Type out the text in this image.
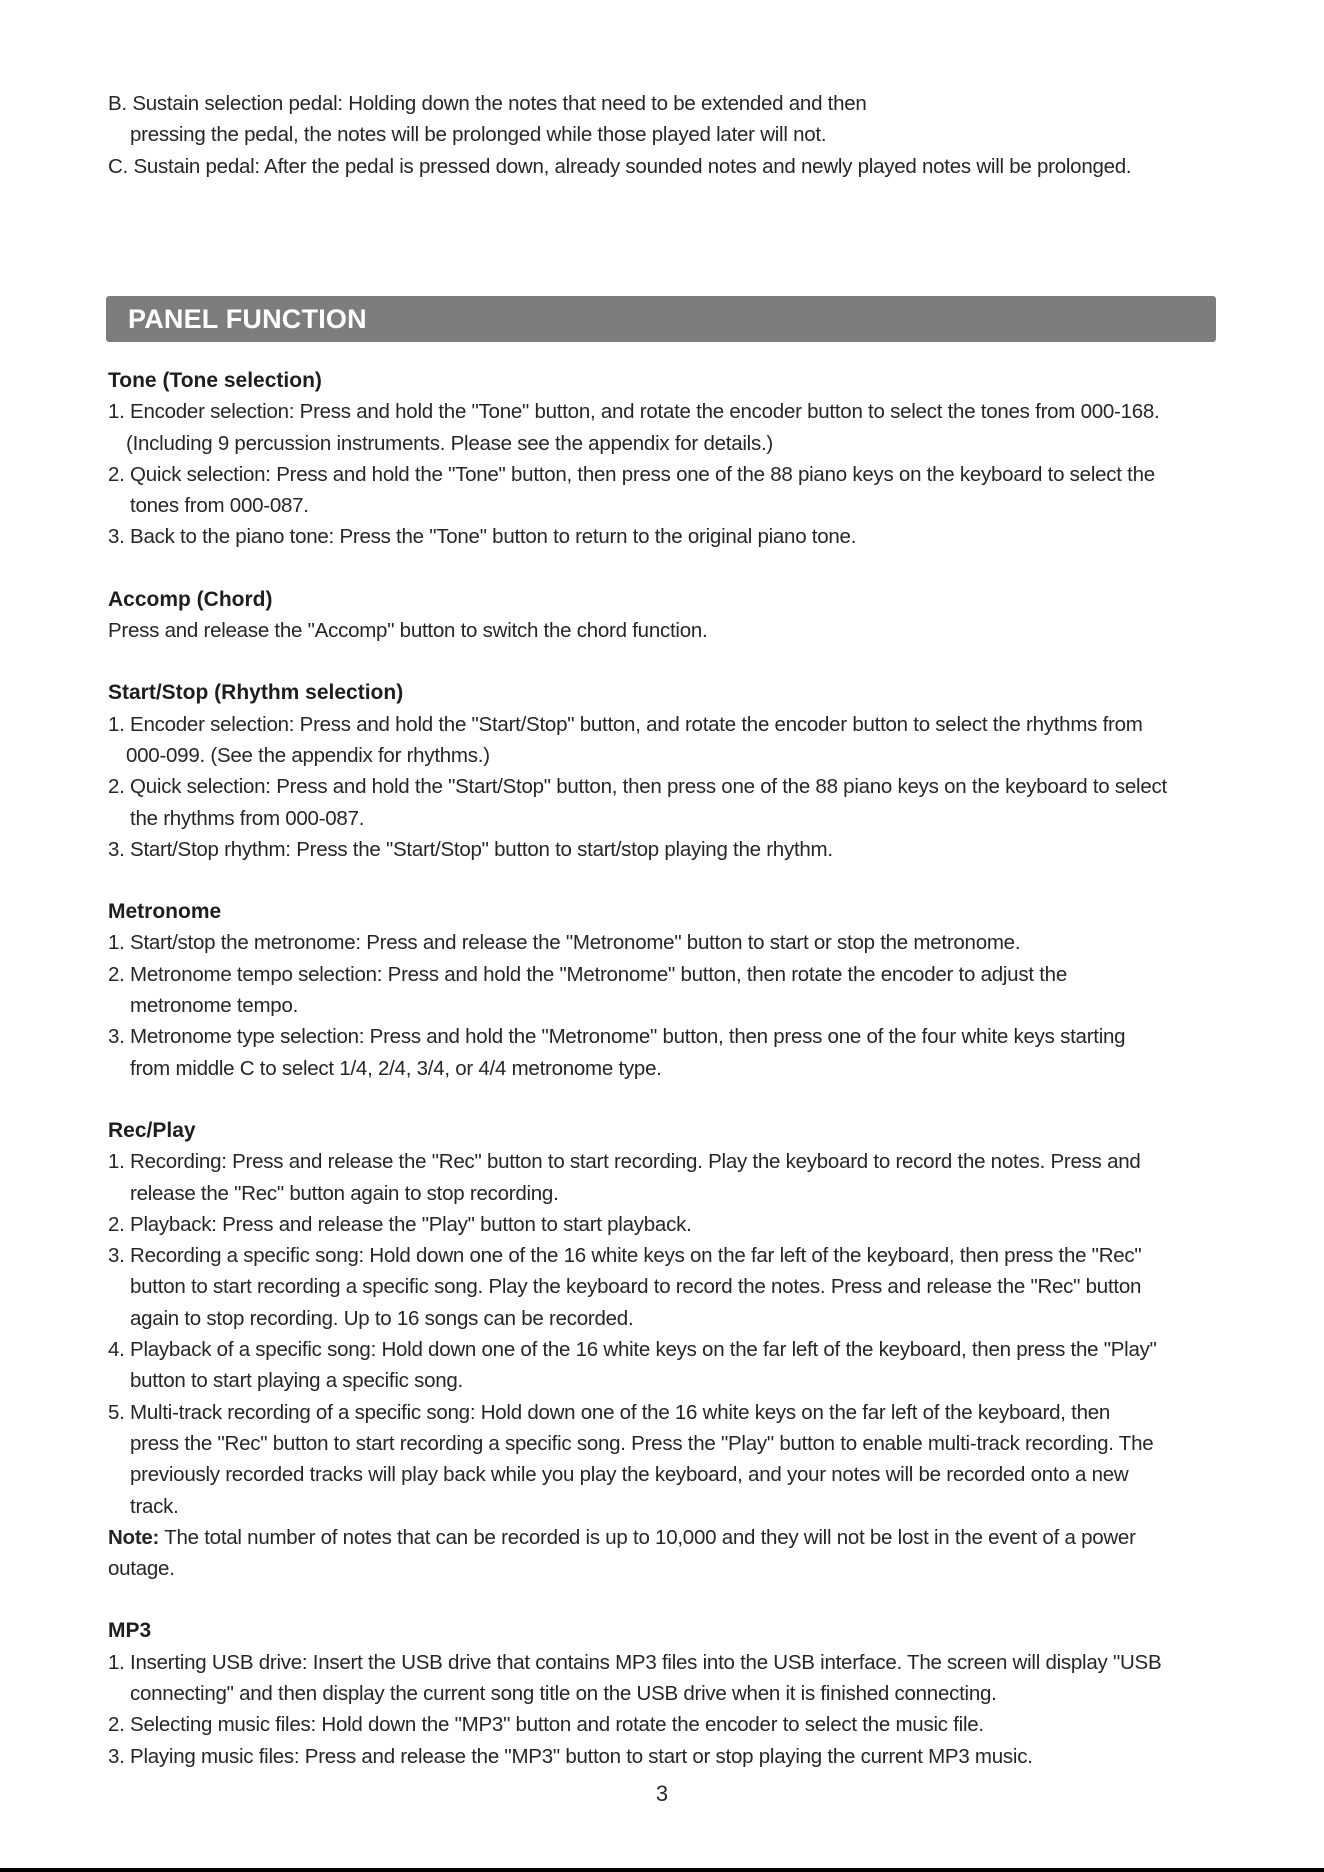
B. Sustain selection pedal: Holding down the notes that need to be extended and then
pressing the pedal, the notes will be prolonged while those played later will not.
C. Sustain pedal: After the pedal is pressed down, already sounded notes and newly played notes will be prolonged.
PANEL FUNCTION
Tone (Tone selection)
1. Encoder selection: Press and hold the "Tone" button, and rotate the encoder button to select the tones from 000-168.
(Including 9 percussion instruments. Please see the appendix for details.)
2. Quick selection: Press and hold the "Tone" button, then press one of the 88 piano keys on the keyboard to select the
tones from 000-087.
3. Back to the piano tone: Press the "Tone" button to return to the original piano tone.
Accomp (Chord)
Press and release the "Accomp" button to switch the chord function.
Start/Stop (Rhythm selection)
1. Encoder selection: Press and hold the "Start/Stop" button, and rotate the encoder button to select the rhythms from
000-099. (See the appendix for rhythms.)
2. Quick selection: Press and hold the "Start/Stop" button, then press one of the 88 piano keys on the keyboard to select
the rhythms from 000-087.
3. Start/Stop rhythm: Press the "Start/Stop" button to start/stop playing the rhythm.
Metronome
1. Start/stop the metronome: Press and release the "Metronome" button to start or stop the metronome.
2. Metronome tempo selection: Press and hold the "Metronome" button, then rotate the encoder to adjust the
metronome tempo.
3. Metronome type selection: Press and hold the "Metronome" button, then press one of the four white keys starting
from middle C to select 1/4, 2/4, 3/4, or 4/4 metronome type.
Rec/Play
1. Recording: Press and release the "Rec" button to start recording. Play the keyboard to record the notes. Press and
release the "Rec" button again to stop recording.
2. Playback: Press and release the "Play" button to start playback.
3. Recording a specific song: Hold down one of the 16 white keys on the far left of the keyboard, then press the "Rec"
button to start recording a specific song. Play the keyboard to record the notes. Press and release the "Rec" button
again to stop recording. Up to 16 songs can be recorded.
4. Playback of a specific song: Hold down one of the 16 white keys on the far left of the keyboard, then press the "Play"
button to start playing a specific song.
5. Multi-track recording of a specific song: Hold down one of the 16 white keys on the far left of the keyboard, then
press the "Rec" button to start recording a specific song. Press the "Play" button to enable multi-track recording. The
previously recorded tracks will play back while you play the keyboard, and your notes will be recorded onto a new
track.
Note: The total number of notes that can be recorded is up to 10,000 and they will not be lost in the event of a power
outage.
MP3
1. Inserting USB drive: Insert the USB drive that contains MP3 files into the USB interface. The screen will display "USB
connecting" and then display the current song title on the USB drive when it is finished connecting.
2. Selecting music files: Hold down the "MP3" button and rotate the encoder to select the music file.
3. Playing music files: Press and release the "MP3" button to start or stop playing the current MP3 music.
3
